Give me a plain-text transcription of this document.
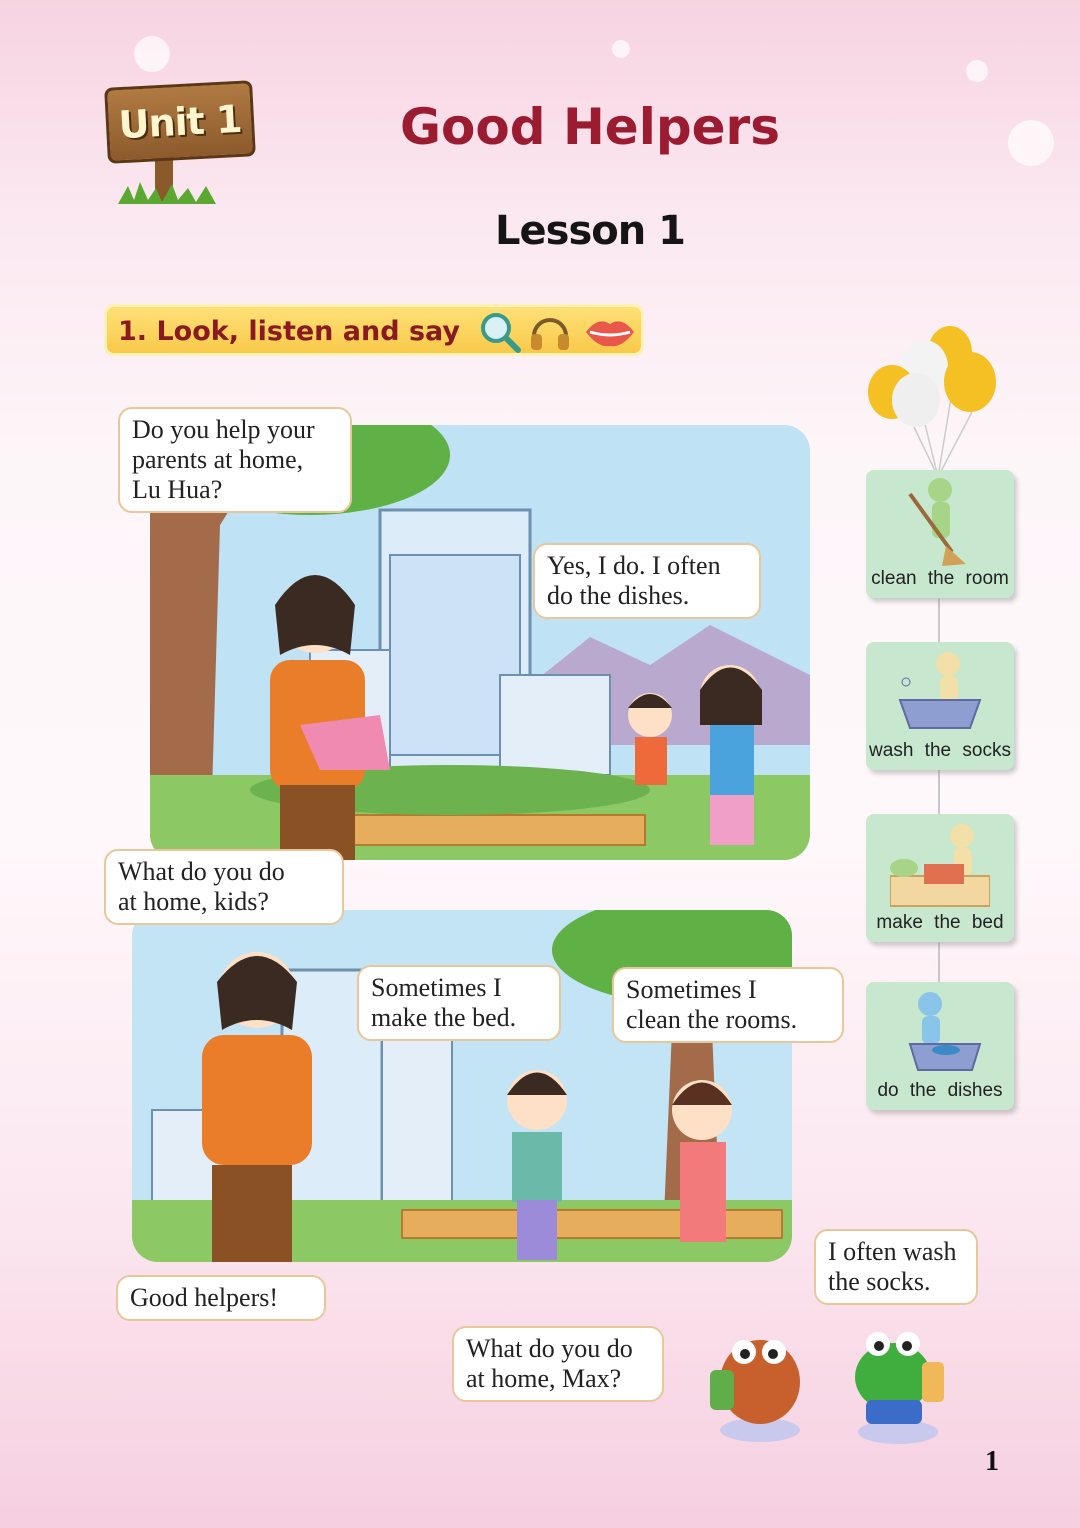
Unit 1	Good Helpers
Lesson 1
1. Look, listen and say
Do you help your
parents at home,
Lu Hua?
Yes, I do. I often
do the dishes.
What do you do
at home, kids?
Sometimes I
make the bed.
Sometimes I
clean the rooms.
Good helpers!
I often wash
the socks.
What do you do
at home, Max?
clean the room
wash the socks
make the bed
do the dishes
1
